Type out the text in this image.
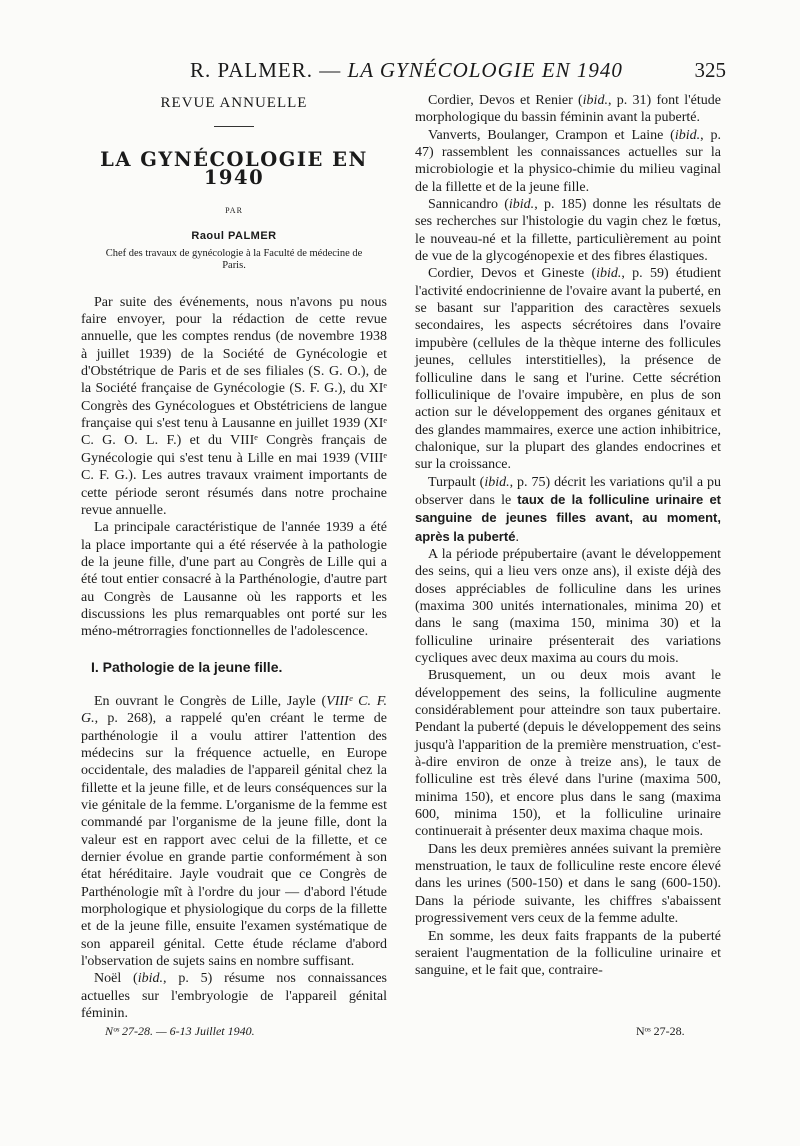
R. PALMER. — LA GYNÉCOLOGIE EN 1940	325

REVUE ANNUELLE

LA GYNÉCOLOGIE EN 1940

PAR

Raoul PALMER

Chef des travaux de gynécologie à la Faculté de médecine de Paris.

Par suite des événements, nous n'avons pu nous faire envoyer, pour la rédaction de cette revue annuelle, que les comptes rendus (de novembre 1938 à juillet 1939) de la Société de Gynécologie et d'Obstétrique de Paris et de ses filiales (S. G. O.), de la Société française de Gynécologie (S. F. G.), du XIᵉ Congrès des Gynécologues et Obstétriciens de langue française qui s'est tenu à Lausanne en juillet 1939 (XIᵉ C. G. O. L. F.) et du VIIIᵉ Congrès français de Gynécologie qui s'est tenu à Lille en mai 1939 (VIIIᵉ C. F. G.). Les autres travaux vraiment importants de cette période seront résumés dans notre prochaine revue annuelle.

La principale caractéristique de l'année 1939 a été la place importante qui a été réservée à la pathologie de la jeune fille, d'une part au Congrès de Lille qui a été tout entier consacré à la Parthénologie, d'autre part au Congrès de Lausanne où les rapports et les discussions les plus remarquables ont porté sur les méno-métrorragies fonctionnelles de l'adolescence.

I. Pathologie de la jeune fille.

En ouvrant le Congrès de Lille, Jayle (VIIIᵉ C. F. G., p. 268), a rappelé qu'en créant le terme de parthénologie il a voulu attirer l'attention des médecins sur la fréquence actuelle, en Europe occidentale, des maladies de l'appareil génital chez la fillette et la jeune fille, et de leurs conséquences sur la vie génitale de la femme. L'organisme de la femme est commandé par l'organisme de la jeune fille, dont la valeur est en rapport avec celui de la fillette, et ce dernier évolue en grande partie conformément à son état héréditaire. Jayle voudrait que ce Congrès de Parthénologie mît à l'ordre du jour — d'abord l'étude morphologique et physiologique du corps de la fillette et de la jeune fille, ensuite l'examen systématique de son appareil génital. Cette étude réclame d'abord l'observation de sujets sains en nombre suffisant.

Noël (ibid., p. 5) résume nos connaissances actuelles sur l'embryologie de l'appareil génital féminin.

Cordier, Devos et Renier (ibid., p. 31) font l'étude morphologique du bassin féminin avant la puberté.

Vanverts, Boulanger, Crampon et Laine (ibid., p. 47) rassemblent les connaissances actuelles sur la microbiologie et la physico-chimie du milieu vaginal de la fillette et de la jeune fille.

Sannicandro (ibid., p. 185) donne les résultats de ses recherches sur l'histologie du vagin chez le fœtus, le nouveau-né et la fillette, particulièrement au point de vue de la glycogénopexie et des fibres élastiques.

Cordier, Devos et Gineste (ibid., p. 59) étudient l'activité endocrinienne de l'ovaire avant la puberté, en se basant sur l'apparition des caractères sexuels secondaires, les aspects sécrétoires dans l'ovaire impubère (cellules de la thèque interne des follicules jeunes, cellules interstitielles), la présence de folliculine dans le sang et l'urine. Cette sécrétion folliculinique de l'ovaire impubère, en plus de son action sur le développement des organes génitaux et des glandes mammaires, exerce une action inhibitrice, chalonique, sur la plupart des glandes endocrines et sur la croissance.

Turpault (ibid., p. 75) décrit les variations qu'il a pu observer dans le taux de la folliculine urinaire et sanguine de jeunes filles avant, au moment, après la puberté.

A la période prépubertaire (avant le développement des seins, qui a lieu vers onze ans), il existe déjà des doses appréciables de folliculine dans les urines (maxima 300 unités internationales, minima 20) et dans le sang (maxima 150, minima 30) et la folliculine urinaire présenterait des variations cycliques avec deux maxima au cours du mois.

Brusquement, un ou deux mois avant le développement des seins, la folliculine augmente considérablement pour atteindre son taux pubertaire. Pendant la puberté (depuis le développement des seins jusqu'à l'apparition de la première menstruation, c'est-à-dire environ de onze à treize ans), le taux de folliculine est très élevé dans l'urine (maxima 500, minima 150), et encore plus dans le sang (maxima 600, minima 150), et la folliculine urinaire continuerait à présenter deux maxima chaque mois.

Dans les deux premières années suivant la première menstruation, le taux de folliculine reste encore élevé dans les urines (500-150) et dans le sang (600-150). Dans la période suivante, les chiffres s'abaissent progressivement vers ceux de la femme adulte.

En somme, les deux faits frappants de la puberté seraient l'augmentation de la folliculine urinaire et sanguine, et le fait que, contraire-

Nᵒˢ 27-28. — 6-13 Juillet 1940.	Nᵒˢ 27-28.
